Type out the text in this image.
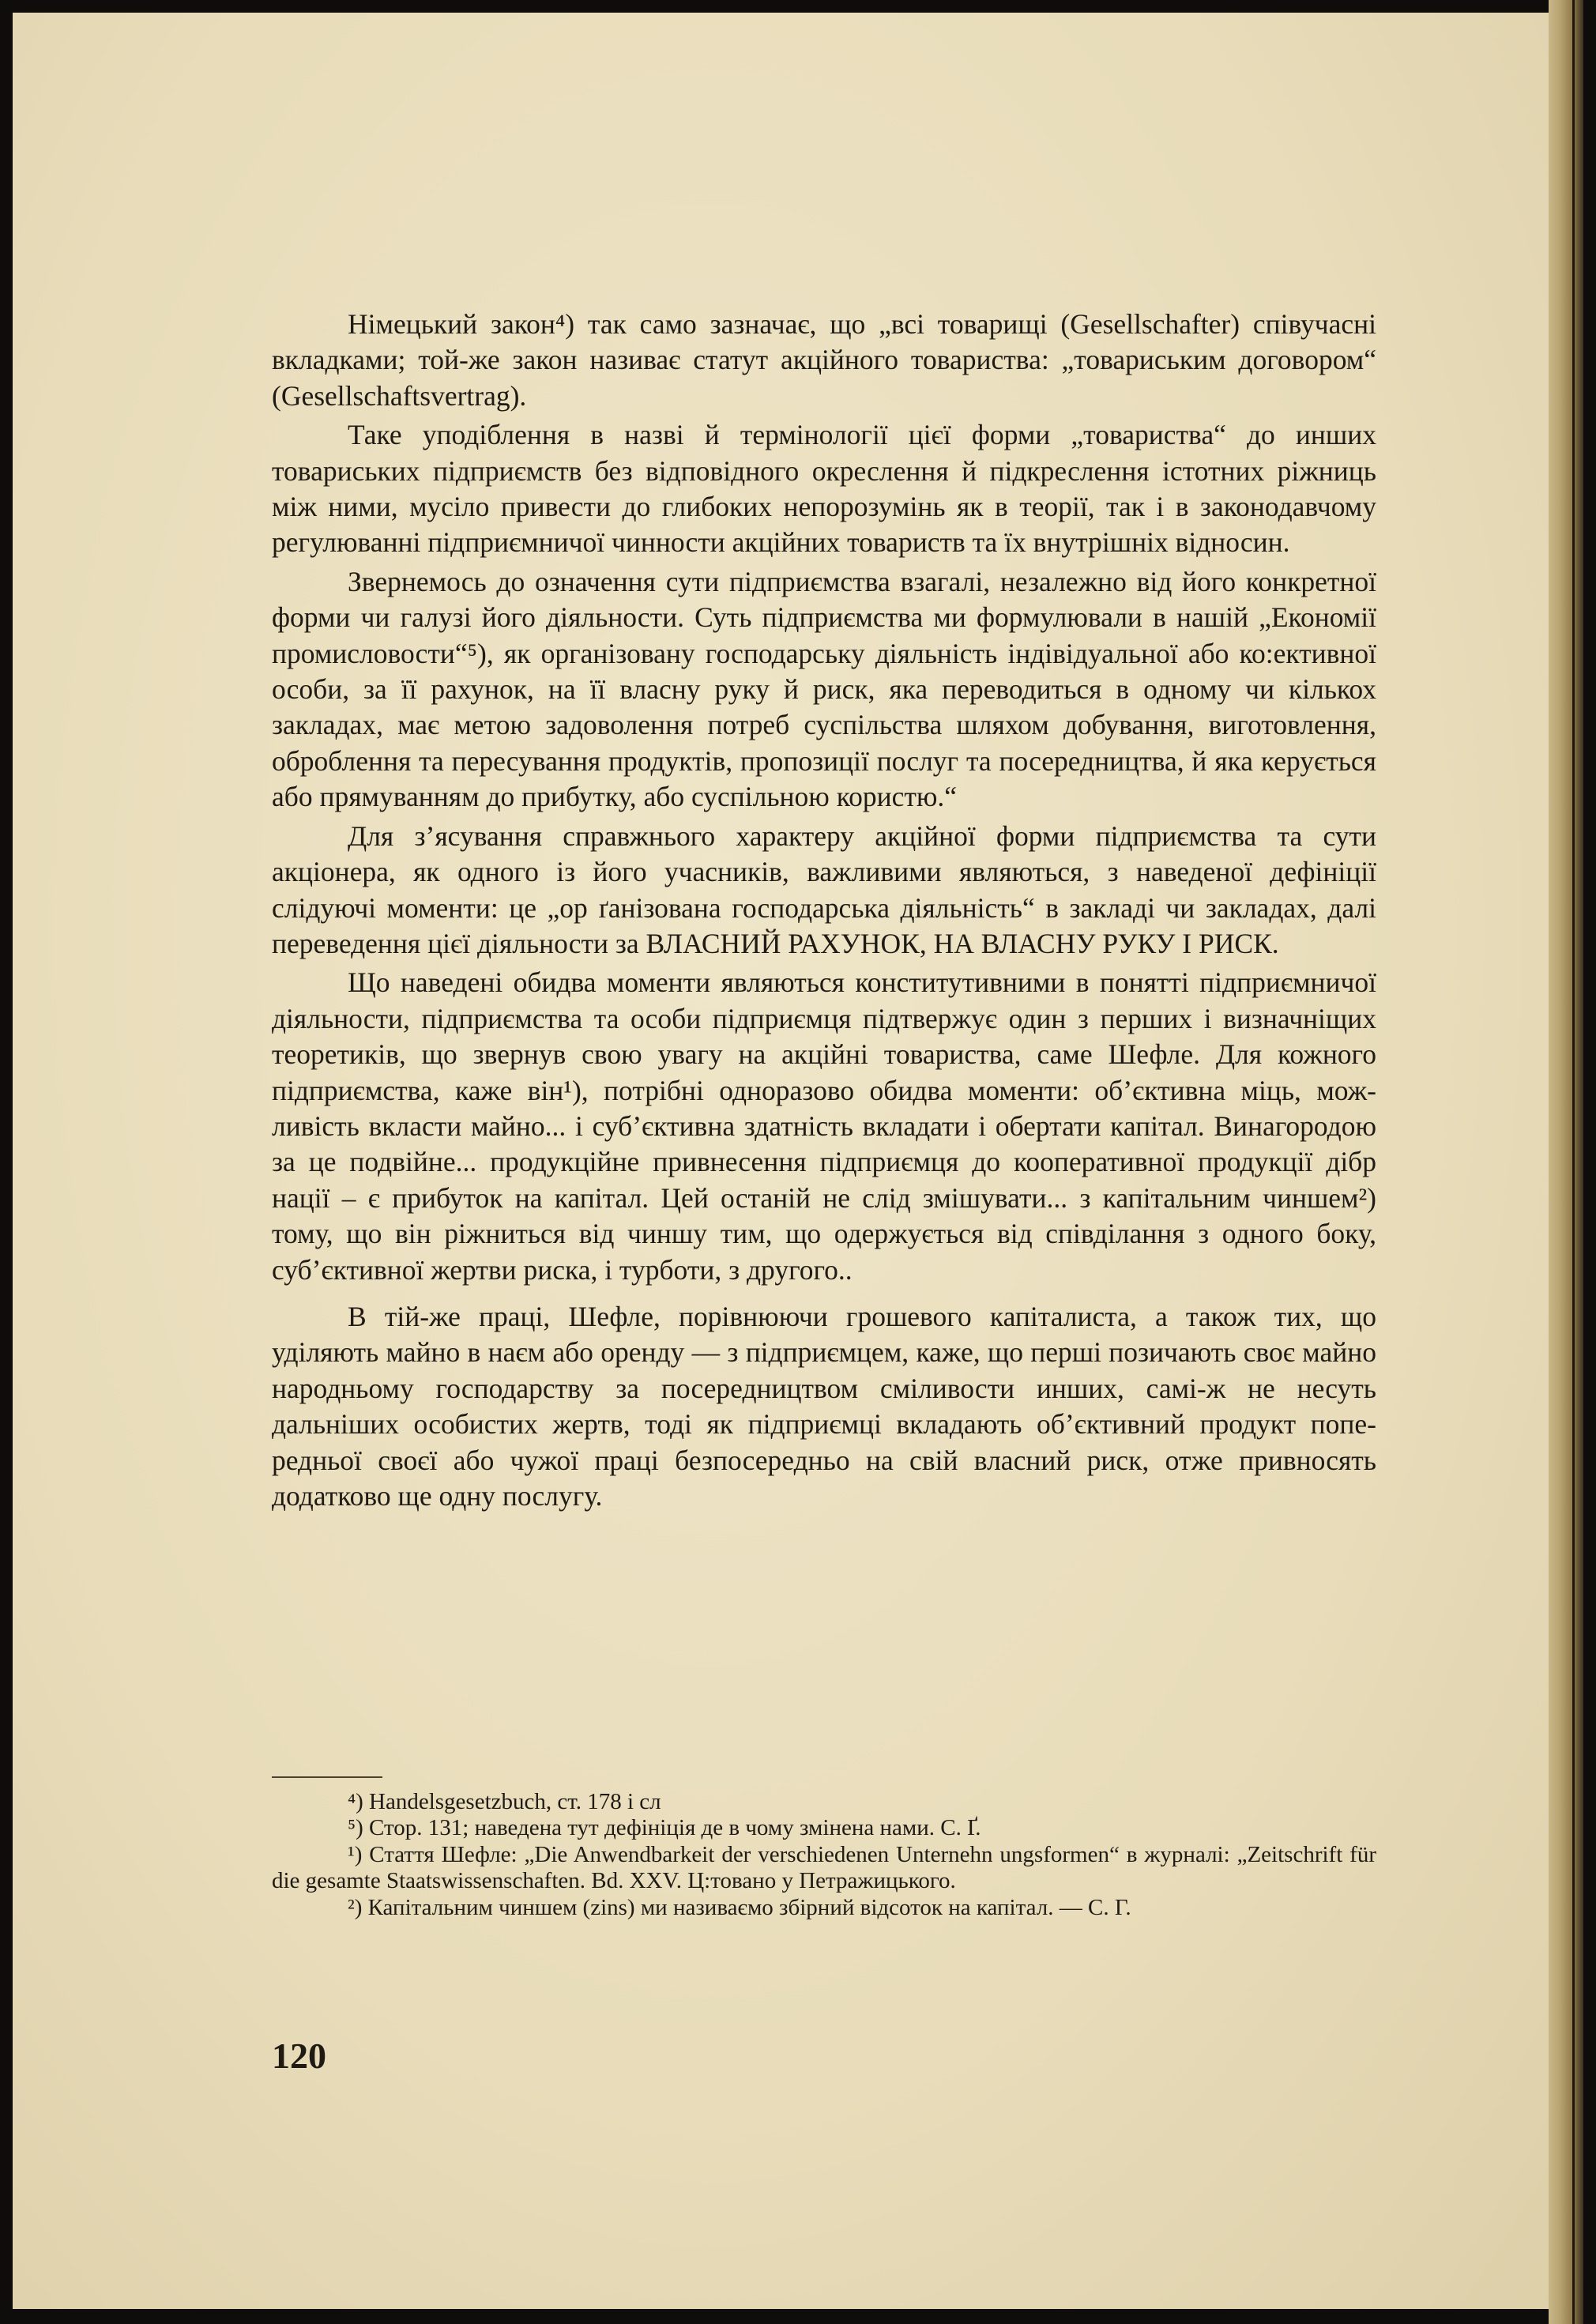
Німецький закон⁴) так само зазначає, що „всі товарищі (Gesellschafter) співучасні вкладками; той-же закон називає статут акційного товариства: „товариським договором“ (Gesellschaftsvertrag).

Таке уподіблення в назві й термінології цієї форми „товариства“ до инших товариських підприємств без відповідного окреслення й підкреслення істотних ріжниць між ними, мусіло привести до глибоких непорозумінь як в теорії, так і в законодавчому регулюванні підприємничої чинности акційних товариств та їх внутрішніх відносин.

Звернемось до означення сути підприємства взагалі, незалежно від його конкретної форми чи галузі його діяльности. Суть підприємства ми формулювали в нашій „Економії промисловости“⁵), як організовану господарську діяльність індівідуальної або ко:ективної особи, за її рахунок, на її власну руку й риск, яка переводиться в одному чи кількох закладах, має метою задоволення потреб суспільства шляхом добування, виготовлення, оброблення та пересування продуктів, пропозиції послуг та посередництва, й яка керується або прямуванням до прибутку, або суспільною користю.“

Для з’ясування справжнього характеру акційної форми підприємства та сути акціонера, як одного із його учасників, важливими являються, з наведеної дефініції слідуючі моменти: це „ор ґанізована господарська діяльність“ в закладі чи закладах, далі переведення цієї діяльности за ВЛАСНИЙ РАХУНОК, НА ВЛАСНУ РУКУ І РИСК.

Що наведені обидва моменти являються конститутивними в понятті підприємничої діяльности, підприємства та особи підприємця підтвержує один з перших і визначніщих теоретиків, що звернув свою увагу на акційні товариства, саме Шефле. Для кожного підприємства, каже він¹), потрібні одноразово обидва моменти: об’єктивна міць, можливість вкласти майно... і суб’єктивна здатність вкладати і обертати капітал. Винагородою за це подвійне... продукційне привнесення підприємця до кооперативної продукції дібр нації – є прибуток на капітал. Цей останій не слід змішувати... з капітальним чиншем²) тому, що він ріжниться від чиншу тим, що одержується від співділання з одного боку, суб’єктивної жертви риска, і турботи, з другого..

В тій-же праці, Шефле, порівнюючи грошевого капіталиста, а також тих, що уділяють майно в наєм або оренду — з підприємцем, каже, що перші позичають своє майно народньому господарству за посередництвом сміливости инших, самі-ж не несуть дальніших особистих жертв, тоді як підприємці вкладають об’єктивний продукт попередньої своєї або чужої праці безпосередньо на свій власний риск, отже привносять додатково ще одну послугу.

⁴) Handelsgesetzbuch, ст. 178 і сл

⁵) Стор. 131; наведена тут дефініція де в чому змінена нами. С. Ґ.

¹) Стаття Шефле: „Die Anwendbarkeit der verschiedenen Unternehn ungsformen“ в журналі: „Zeitschrift für die gesamte Staatswissenschaften. Bd. XXV. Ц:товано у Петражицького.

²) Капітальним чиншем (zins) ми називаємо збірний відсоток на капітал. — С. Г.

120
